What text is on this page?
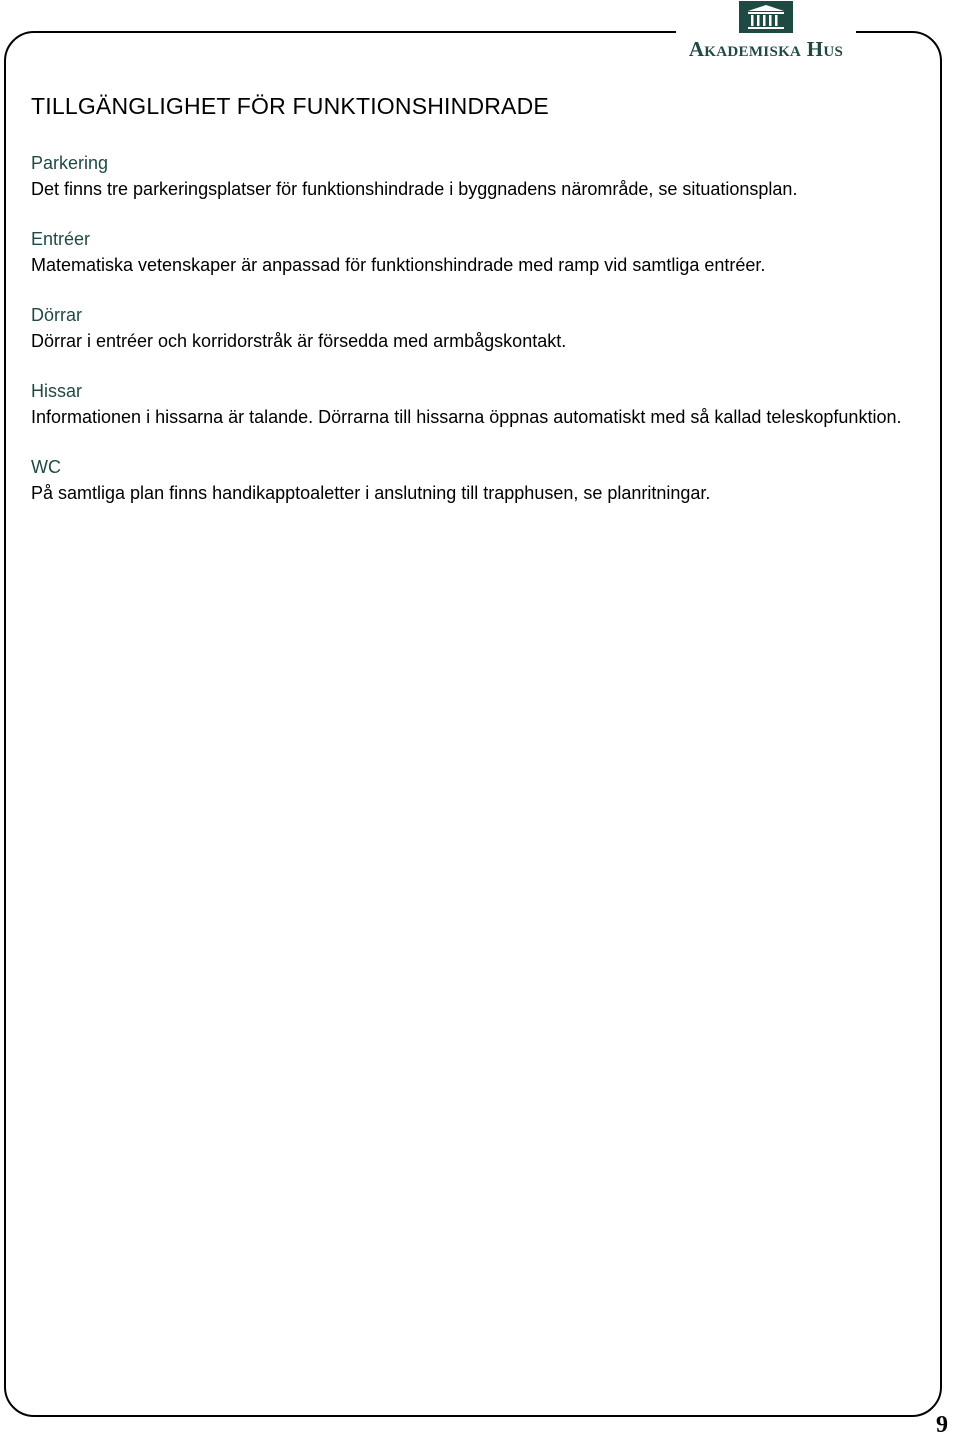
Akademiska Hus
TILLGÄNGLIGHET FÖR FUNKTIONSHINDRADE
Parkering

Det finns tre parkeringsplatser för funktionshindrade i byggnadens närområde, se situationsplan.

Entréer

Matematiska vetenskaper är anpassad för funktionshindrade med ramp vid samtliga entréer.

Dörrar

Dörrar i entréer och korridorstråk är försedda med armbågskontakt.

Hissar

Informationen i hissarna är talande. Dörrarna till hissarna öppnas automatiskt med så kallad teleskopfunktion.

WC

På samtliga plan finns handikapptoaletter i anslutning till trapphusen, se planritningar.

9
